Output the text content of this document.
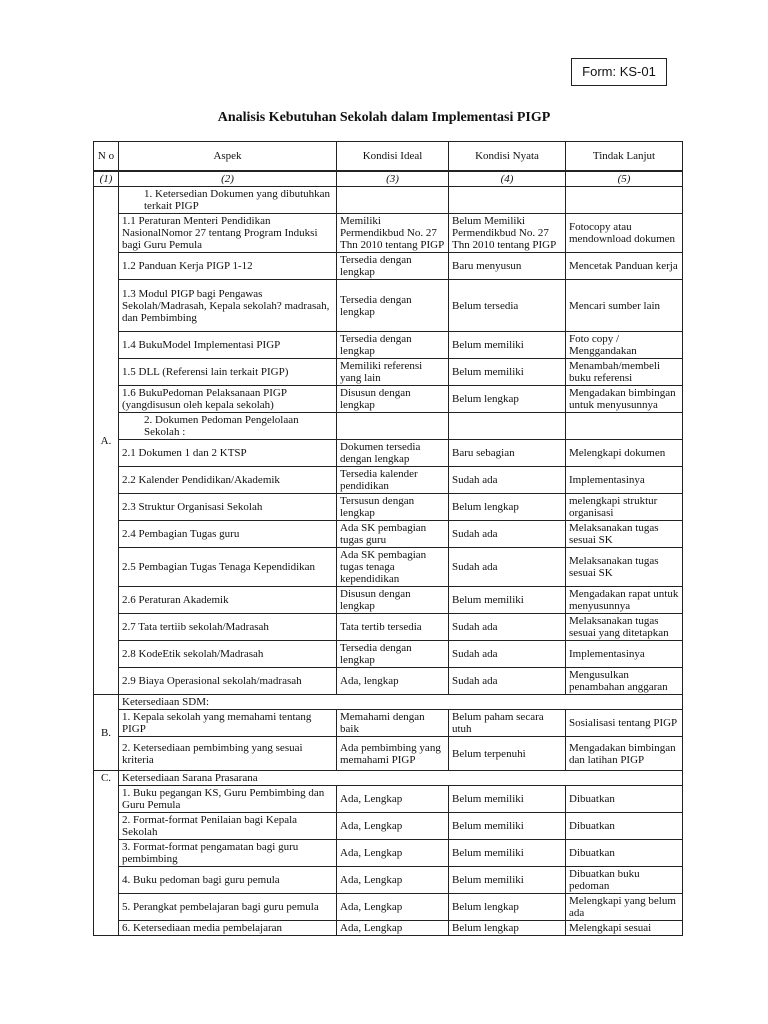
Form: KS-01
Analisis Kebutuhan Sekolah dalam Implementasi PIGP
N o	Aspek	Kondisi Ideal	Kondisi Nyata	Tindak Lanjut
(1)	(2)	(3)	(4)	(5)
A.	1. Ketersedian Dokumen yang dibutuhkan terkait PIGP			
	1.1 Peraturan Menteri Pendidikan NasionalNomor 27 tentang Program Induksi bagi Guru Pemula	Memiliki Permendikbud No. 27 Thn 2010 tentang PIGP	Belum Memiliki Permendikbud No. 27 Thn 2010 tentang PIGP	Fotocopy atau mendownload dokumen
	1.2 Panduan Kerja PIGP 1-12	Tersedia dengan lengkap	Baru menyusun	Mencetak Panduan kerja
	1.3 Modul PIGP bagi Pengawas Sekolah/Madrasah, Kepala sekolah? madrasah, dan Pembimbing	Tersedia dengan lengkap	Belum tersedia	Mencari sumber lain
	1.4 BukuModel Implementasi PIGP	Tersedia dengan lengkap	Belum memiliki	Foto copy / Menggandakan
	1.5 DLL (Referensi lain terkait PIGP)	Memiliki referensi yang lain	Belum memiliki	Menambah/membeli buku referensi
	1.6 BukuPedoman Pelaksanaan PIGP (yangdisusun oleh kepala sekolah)	Disusun dengan lengkap	Belum lengkap	Mengadakan bimbingan untuk menyusunnya
	2. Dokumen Pedoman Pengelolaan Sekolah :			
	2.1 Dokumen 1 dan 2 KTSP	Dokumen tersedia dengan lengkap	Baru sebagian	Melengkapi dokumen
	2.2 Kalender Pendidikan/Akademik	Tersedia kalender pendidikan	Sudah ada	Implementasinya
	2.3 Struktur Organisasi Sekolah	Tersusun dengan lengkap	Belum lengkap	melengkapi struktur organisasi
	2.4 Pembagian Tugas guru	Ada SK pembagian tugas guru	Sudah ada	Melaksanakan tugas sesuai SK
	2.5 Pembagian Tugas Tenaga Kependidikan	Ada SK pembagian tugas tenaga kependidikan	Sudah ada	Melaksanakan tugas sesuai SK
	2.6 Peraturan Akademik	Disusun dengan lengkap	Belum memiliki	Mengadakan rapat untuk menyusunnya
	2.7 Tata tertiib sekolah/Madrasah	Tata tertib tersedia	Sudah ada	Melaksanakan tugas sesuai yang ditetapkan
	2.8 KodeEtik sekolah/Madrasah	Tersedia dengan lengkap	Sudah ada	Implementasinya
	2.9 Biaya Operasional sekolah/madrasah	Ada, lengkap	Sudah ada	Mengusulkan penambahan anggaran
B.	Ketersediaan SDM:			
	1. Kepala sekolah yang memahami tentang PIGP	Memahami dengan baik	Belum paham secara utuh	Sosialisasi tentang PIGP
	2. Ketersediaan pembimbing yang sesuai kriteria	Ada pembimbing yang memahami PIGP	Belum terpenuhi	Mengadakan bimbingan dan latihan PIGP
C.	Ketersediaan Sarana Prasarana			
	1. Buku pegangan KS, Guru Pembimbing dan Guru Pemula	Ada, Lengkap	Belum memiliki	Dibuatkan
	2. Format-format Penilaian bagi Kepala Sekolah	Ada, Lengkap	Belum memiliki	Dibuatkan
	3. Format-format pengamatan bagi guru pembimbing	Ada, Lengkap	Belum memiliki	Dibuatkan
	4. Buku pedoman bagi guru pemula	Ada, Lengkap	Belum memiliki	Dibuatkan buku pedoman
	5. Perangkat pembelajaran bagi guru pemula	Ada, Lengkap	Belum lengkap	Melengkapi yang belum ada
	6. Ketersediaan media pembelajaran	Ada, Lengkap	Belum lengkap	Melengkapi sesuai
